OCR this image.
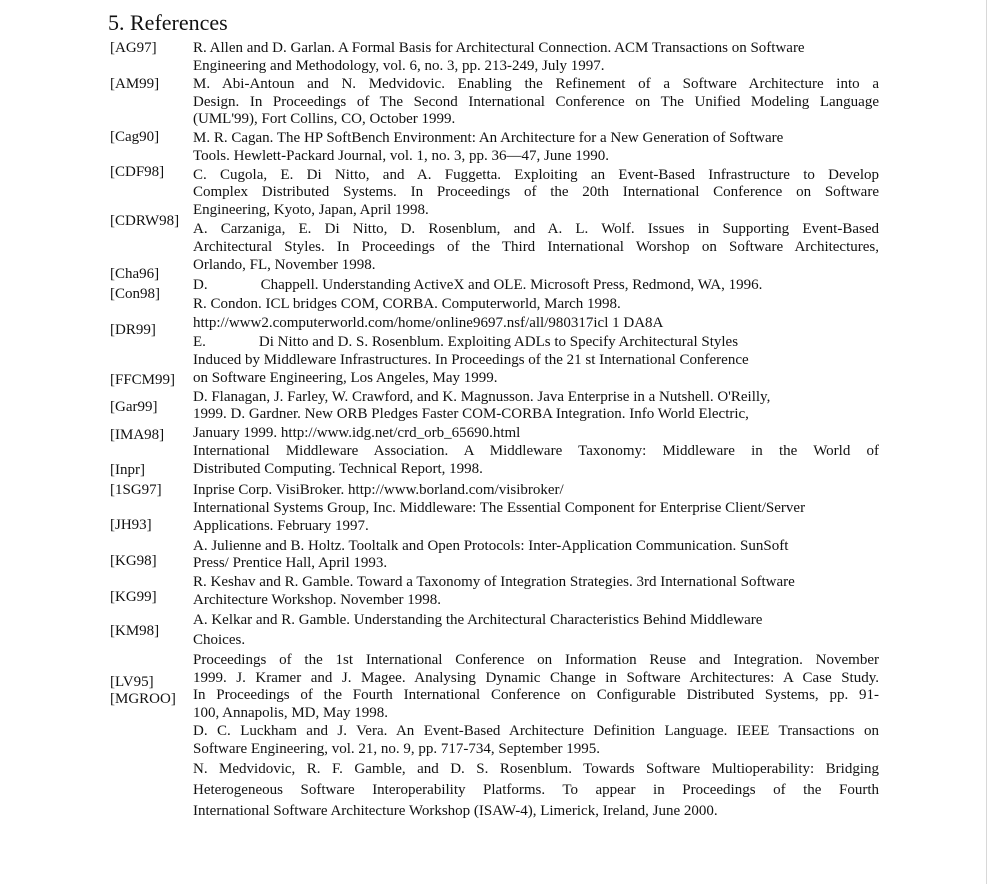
5. References
[AG97]
[AM99]
[Cag90]
[CDF98]
[CDRW98]
[Cha96]
[Con98]
[DR99]
[FFCM99]
[Gar99]
[IMA98]
[Inpr]
[1SG97]
[JH93]
[KG98]
[KG99]
[KM98]
[LV95]
[MGROO]
R. Allen and D. Garlan. A Formal Basis for Architectural Connection. ACM Transactions on Software
Engineering and Methodology, vol. 6, no. 3, pp. 213-249, July 1997.
M. Abi-Antoun and N. Medvidovic. Enabling the Refinement of a Software Architecture into a
Design. In Proceedings of The Second International Conference on The Unified Modeling Language
(UML'99), Fort Collins, CO, October 1999.
M. R. Cagan. The HP SoftBench Environment: An Architecture for a New Generation of Software
Tools. Hewlett-Packard Journal, vol. 1, no. 3, pp. 36—47, June 1990.
C. Cugola, E. Di Nitto, and A. Fuggetta. Exploiting an Event-Based Infrastructure to Develop
Complex Distributed Systems. In Proceedings of the 20th International Conference on Software
Engineering, Kyoto, Japan, April 1998.
A. Carzaniga, E. Di Nitto, D. Rosenblum, and A. L. Wolf. Issues in Supporting Event-Based
Architectural Styles. In Proceedings of the Third International Worshop on Software Architectures,
Orlando, FL, November 1998.
D.	Chappell. Understanding ActiveX and OLE. Microsoft Press, Redmond, WA, 1996.
R. Condon. ICL bridges COM, CORBA. Computerworld, March 1998.
http://www2.computerworld.com/home/online9697.nsf/all/980317icl 1 DA8A
E.	Di Nitto and D. S. Rosenblum. Exploiting ADLs to Specify Architectural Styles
Induced by Middleware Infrastructures. In Proceedings of the 21 st International Conference
on Software Engineering, Los Angeles, May 1999.
D. Flanagan, J. Farley, W. Crawford, and K. Magnusson. Java Enterprise in a Nutshell. O'Reilly,
1999. D. Gardner. New ORB Pledges Faster COM-CORBA Integration. Info World Electric,
January 1999. http://www.idg.net/crd_orb_65690.html
International Middleware Association. A Middleware Taxonomy: Middleware in the World of
Distributed Computing. Technical Report, 1998.
Inprise Corp. VisiBroker. http://www.borland.com/visibroker/
International Systems Group, Inc. Middleware: The Essential Component for Enterprise Client/Server
Applications. February 1997.
A. Julienne and B. Holtz. Tooltalk and Open Protocols: Inter-Application Communication. SunSoft
Press/ Prentice Hall, April 1993.
R. Keshav and R. Gamble. Toward a Taxonomy of Integration Strategies. 3rd International Software
Architecture Workshop. November 1998.
A. Kelkar and R. Gamble. Understanding the Architectural Characteristics Behind Middleware
Choices.
Proceedings of the 1st International Conference on Information Reuse and Integration. November
1999. J. Kramer and J. Magee. Analysing Dynamic Change in Software Architectures: A Case Study.
In Proceedings of the Fourth International Conference on Configurable Distributed Systems, pp. 91-
100, Annapolis, MD, May 1998.
D. C. Luckham and J. Vera. An Event-Based Architecture Definition Language. IEEE Transactions on
Software Engineering, vol. 21, no. 9, pp. 717-734, September 1995.
N. Medvidovic, R. F. Gamble, and D. S. Rosenblum. Towards Software Multioperability: Bridging
Heterogeneous Software Interoperability Platforms. To appear in Proceedings of the Fourth
International Software Architecture Workshop (ISAW-4), Limerick, Ireland, June 2000.
